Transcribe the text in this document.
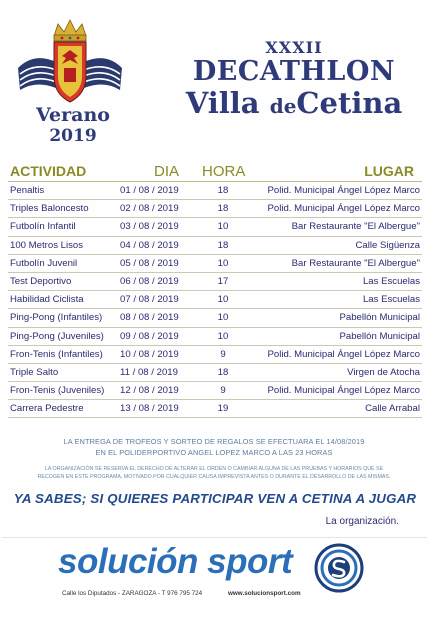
Verano
2019
XXXII
DECATHLON
Villa deCetina
ACTIVIDAD	DIA HORA	LUGAR
Penaltis	01 / 08 / 2019	18	Polid. Municipal Ángel López Marco
Triples Baloncesto	02 / 08 / 2019	18	Polid. Municipal Ángel López Marco
Futbolín Infantil	03 / 08 / 2019	10	Bar Restaurante "El Albergue"
100 Metros Lisos	04 / 08 / 2019	18	Calle Sigüenza
Futbolín Juvenil	05 / 08 / 2019	10	Bar Restaurante "El Albergue"
Test Deportivo	06 / 08 / 2019	17	Las Escuelas
Habilidad Ciclista	07 / 08 / 2019	10	Las Escuelas
Ping-Pong (Infantiles) 08 / 08 / 2019	10	Pabellón Municipal
Ping-Pong (Juveniles) 09 / 08 / 2019	10	Pabellón Municipal
Fron-Tenis (Infantiles) 10 / 08 / 2019	9	Polid. Municipal Ángel López Marco
Triple Salto	11 / 08 / 2019	18	Virgen de Atocha
Fron-Tenis (Juveniles) 12 / 08 / 2019	9	Polid. Municipal Ángel López Marco
Carrera Pedestre	13 / 08 / 2019	19	Calle Arrabal
LA ENTREGA DE TROFEOS Y SORTEO DE REGALOS SE EFECTUARA EL 14/08/2019
EN EL POLIDERPORTIVO ANGEL LOPEZ MARCO A LAS 23 HORAS
LA ORGANIZACIÓN SE RESERVA EL DERECHO DE ALTERAR EL ORDEN O CAMBIAR ALGUNA DE LAS PRUEBAS Y HORARIOS QUE SE
RECOGEN EN ESTE PROGRAMA, MOTIVADO POR CUALQUIER CAUSA IMPREVISTA ANTES O DURANTE EL DESARROLLO DE LAS MISMAS.
YA SABES; SI QUIERES PARTICIPAR VEN A CETINA A JUGAR
La organización.
solución sport
Calle los Diputados - ZARAGOZA - T 976 795 724	www.solucionsport.com
